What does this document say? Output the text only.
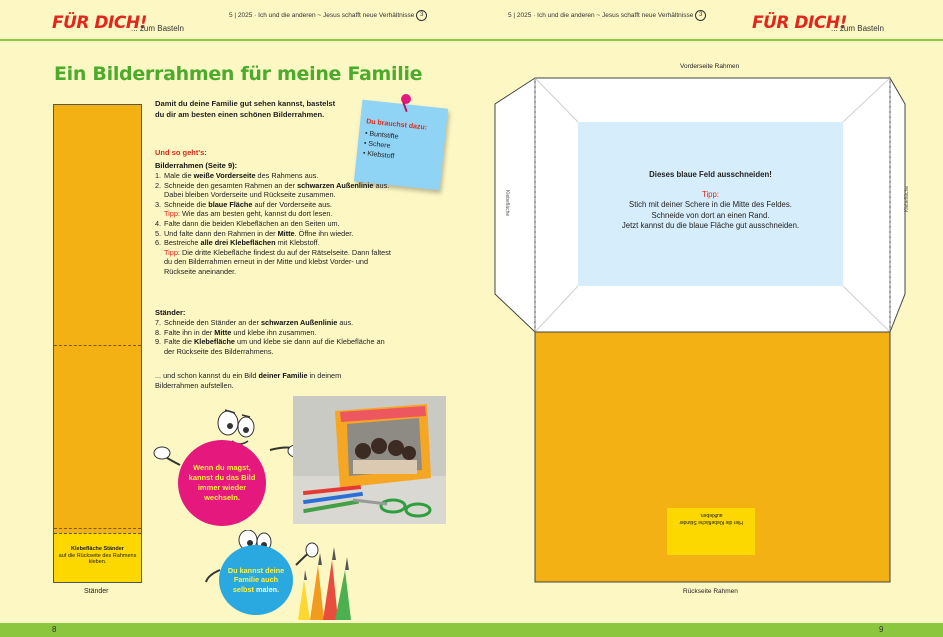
FÜR DICH!
... zum Basteln
5 | 2025 · Ich und die anderen ~ Jesus schafft neue Verhältnisse 3	5 | 2025 · Ich und die anderen ~ Jesus schafft neue Verhältnisse 3	FÜR DICH!
... zum Basteln
Ein Bilderrahmen für meine Familie
Klebefläche Ständer
auf die Rückseite des Rahmens kleben.
Ständer
Damit du deine Familie gut sehen kannst, bastelst du dir am besten einen schönen Bilderrahmen.
Du brauchst dazu:
• Buntstifte
• Schere
• Klebstoff
Und so geht's:
Bilderrahmen (Seite 9):
1. Male die weiße Vorderseite des Rahmens aus.
2. Schneide den gesamten Rahmen an der schwarzen Außenlinie aus. Dabei bleiben Vorderseite und Rückseite zusammen.
3. Schneide die blaue Fläche auf der Vorderseite aus.
Tipp: Wie das am besten geht, kannst du dort lesen.
4. Falte dann die beiden Klebeflächen an den Seiten um.
5. Und falte dann den Rahmen in der Mitte. Öffne ihn wieder.
6. Bestreiche alle drei Klebeflächen mit Klebstoff.
Tipp: Die dritte Klebefläche findest du auf der Rätselseite. Dann faltest du den Bilderrahmen erneut in der Mitte und klebst Vorder- und Rückseite aneinander.
Ständer:
7. Schneide den Ständer an der schwarzen Außenlinie aus.
8. Falte ihn in der Mitte und klebe ihn zusammen.
9. Falte die Klebefläche um und klebe sie dann auf die Klebefläche an der Rückseite des Bilderrahmens.
... und schon kannst du ein Bild deiner Familie in deinem Bilderrahmen aufstellen.
Wenn du magst, kannst du das Bild immer wieder wechseln.
Du kannst deine Familie auch selbst malen.
Vorderseite Rahmen
Klebefläche	Klebefläche
Dieses blaue Feld ausschneiden!
Tipp:
Stich mit deiner Schere in die Mitte des Feldes.
Schneide von dort an einen Rand.
Jetzt kannst du die blaue Fläche gut ausschneiden.
Hier die Klebefläche Ständer aufkleben.
Rückseite Rahmen
8	9
